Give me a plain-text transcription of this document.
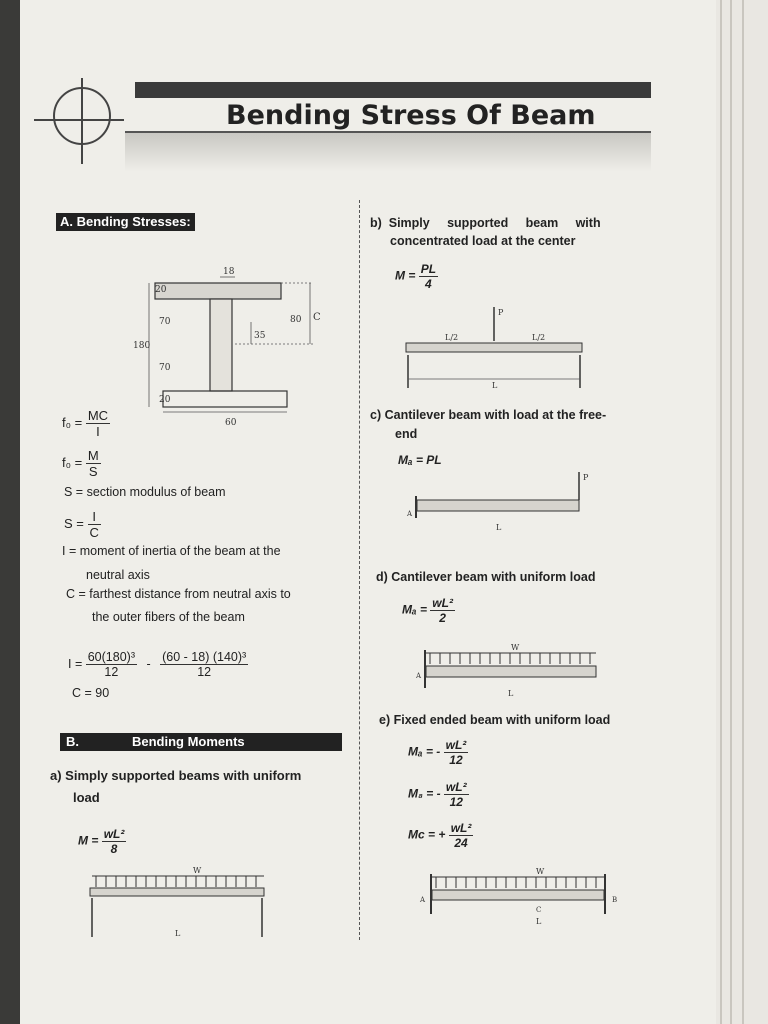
Bending Stress Of Beam
A. Bending Stresses:
18
20
70
180
70
20
80 C
35
60
$f_0 = \frac{MC}{I}$
$f_0 = \frac{M}{S}$
S = section modulus of beam
$S = \frac{I}{C}$
I = moment of inertia of the beam at the
neutral axis
C = farthest distance from neutral axis to
the outer fibers of the beam
$I = \frac{\text{60(180)³}}{12} - \frac{\text{(60 - 18) (140)³}}{12}$
C = 90
B.	Bending Moments
a) Simply supported beams with uniform
load
$M = \frac{\text{wL²}}{8}$
W
L
b)  Simply     supported     beam     with
concentrated load at the center
$M = \frac{PL}{4}$
P
L/2	L/2
L
c) Cantilever beam with load at the free-
end
Mₐ = PL
P
A
L
d) Cantilever beam with uniform load
$M_a = \frac{\text{wL²}}{2}$
W
A
L
e) Fixed ended beam with uniform load
Mₐ = - $\frac{\text{wL²}}{12}$
M₈ = - $\frac{\text{wL²}}{12}$
Mᴄ = + $\frac{\text{wL²}}{24}$
W
A	B
C
L
